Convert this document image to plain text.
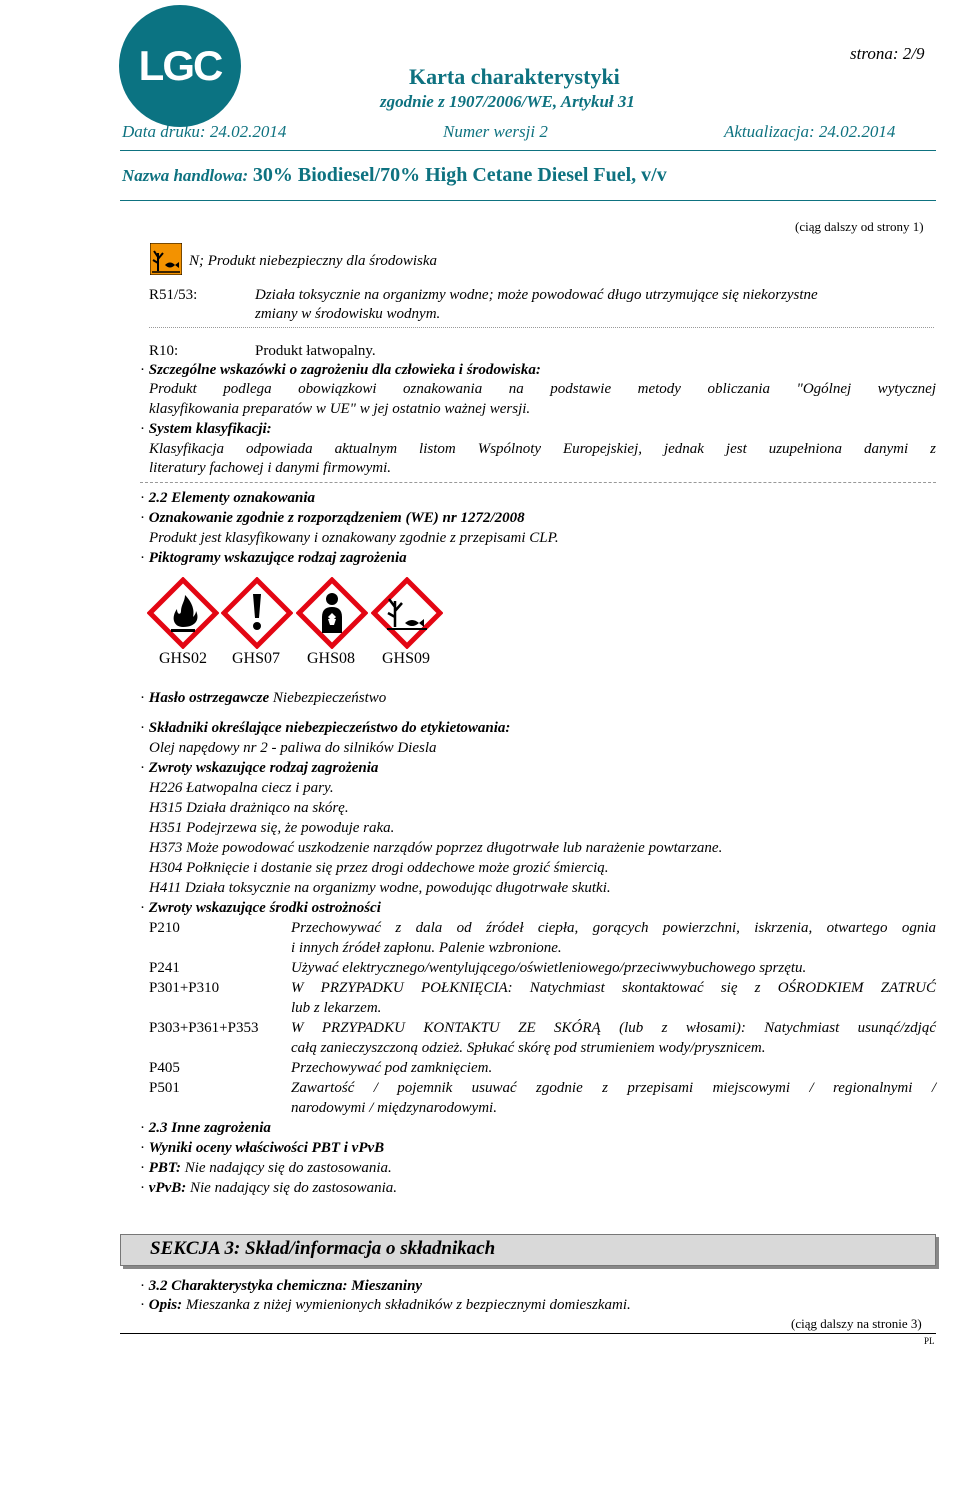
LGC	strona: 2/9
Karta charakterystyki
zgodnie z 1907/2006/WE, Artykuł 31
Data druku: 24.02.2014	Numer wersji 2	Aktualizacja: 24.02.2014
Nazwa handlowa: 30% Biodiesel/70% High Cetane Diesel Fuel, v/v
(ciąg dalszy od strony 1)
N; Produkt niebezpieczny dla środowiska
R51/53:	Działa toksycznie na organizmy wodne; może powodować długo utrzymujące się niekorzystne
zmiany w środowisku wodnym.
R10:	Produkt łatwopalny.
· Szczególne wskazówki o zagrożeniu dla człowieka i środowiska:
Produkt podlega obowiązkowi oznakowania na podstawie metody obliczania "Ogólnej wytycznej
klasyfikowania preparatów w UE" w jej ostatnio ważnej wersji.
· System klasyfikacji:
Klasyfikacja odpowiada aktualnym listom Wspólnoty Europejskiej, jednak jest uzupełniona danymi z
literatury fachowej i danymi firmowymi.
· 2.2 Elementy oznakowania
· Oznakowanie zgodnie z rozporządzeniem (WE) nr 1272/2008
Produkt jest klasyfikowany i oznakowany zgodnie z przepisami CLP.
· Piktogramy wskazujące rodzaj zagrożenia
GHS02 GHS07 GHS08 GHS09
· Hasło ostrzegawcze Niebezpieczeństwo
· Składniki określające niebezpieczeństwo do etykietowania:
Olej napędowy nr 2 - paliwa do silników Diesla
· Zwroty wskazujące rodzaj zagrożenia
H226 Łatwopalna ciecz i pary.
H315 Działa drażniąco na skórę.
H351 Podejrzewa się, że powoduje raka.
H373 Może powodować uszkodzenie narządów poprzez długotrwałe lub narażenie powtarzane.
H304 Połknięcie i dostanie się przez drogi oddechowe może grozić śmiercią.
H411 Działa toksycznie na organizmy wodne, powodując długotrwałe skutki.
· Zwroty wskazujące środki ostrożności
P210	Przechowywać z dala od źródeł ciepła, gorących powierzchni, iskrzenia, otwartego ognia
i innych źródeł zapłonu. Palenie wzbronione.
P241	Używać elektrycznego/wentylującego/oświetleniowego/przeciwwybuchowego sprzętu.
P301+P310	W PRZYPADKU POŁKNIĘCIA: Natychmiast skontaktować się z OŚRODKIEM ZATRUĆ
lub z lekarzem.
P303+P361+P353 W PRZYPADKU KONTAKTU ZE SKÓRĄ (lub z włosami): Natychmiast usunąć/zdjąć
całą zanieczyszczoną odzież. Spłukać skórę pod strumieniem wody/prysznicem.
P405	Przechowywać pod zamknięciem.
P501	Zawartość / pojemnik usuwać zgodnie z przepisami miejscowymi / regionalnymi /
narodowymi / międzynarodowymi.
· 2.3 Inne zagrożenia
· Wyniki oceny właściwości PBT i vPvB
· PBT: Nie nadający się do zastosowania.
· vPvB: Nie nadający się do zastosowania.
SEKCJA 3: Skład/informacja o składnikach
· 3.2 Charakterystyka chemiczna: Mieszaniny
· Opis: Mieszanka z niżej wymienionych składników z bezpiecznymi domieszkami.
(ciąg dalszy na stronie 3)
PL
